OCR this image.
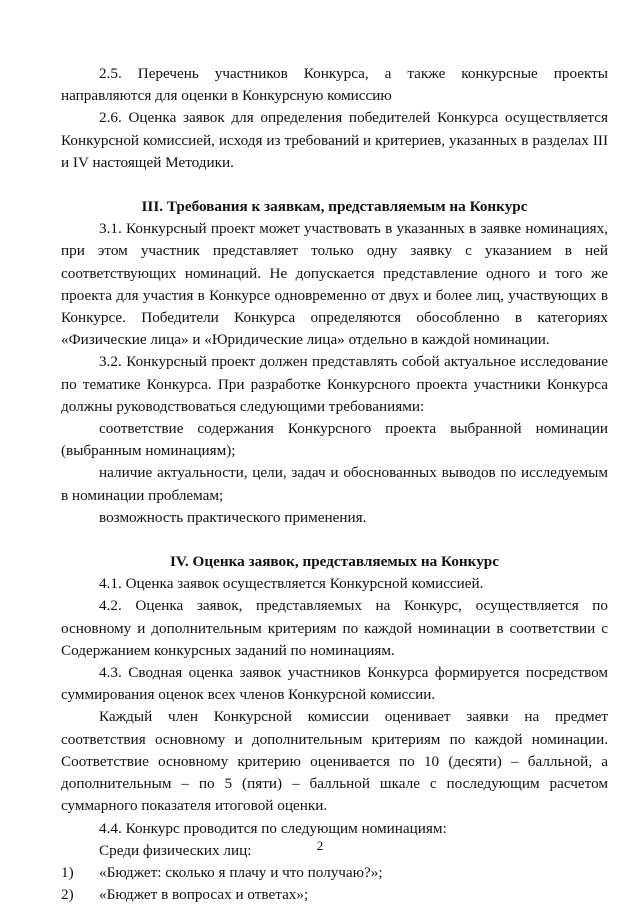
2.5. Перечень участников Конкурса, а также конкурсные проекты направляются для оценки в Конкурсную комиссию

2.6. Оценка заявок для определения победителей Конкурса осуществляется Конкурсной комиссией, исходя из требований и критериев, указанных в разделах III и IV настоящей Методики.

III. Требования к заявкам, представляемым на Конкурс

3.1. Конкурсный проект может участвовать в указанных в заявке номинациях, при этом участник представляет только одну заявку с указанием в ней соответствующих номинаций. Не допускается представление одного и того же проекта для участия в Конкурсе одновременно от двух и более лиц, участвующих в Конкурсе. Победители Конкурса определяются обособленно в категориях «Физические лица» и «Юридические лица» отдельно в каждой номинации.

3.2. Конкурсный проект должен представлять собой актуальное исследование по тематике Конкурса. При разработке Конкурсного проекта участники Конкурса должны руководствоваться следующими требованиями:

соответствие содержания Конкурсного проекта выбранной номинации (выбранным номинациям);

наличие актуальности, цели, задач и обоснованных выводов по исследуемым в номинации проблемам;

возможность практического применения.

IV. Оценка заявок, представляемых на Конкурс

4.1. Оценка заявок осуществляется Конкурсной комиссией.

4.2. Оценка заявок, представляемых на Конкурс, осуществляется по основному и дополнительным критериям по каждой номинации в соответствии с Содержанием конкурсных заданий по номинациям.

4.3. Сводная оценка заявок участников Конкурса формируется посредством суммирования оценок всех членов Конкурсной комиссии.

Каждый член Конкурсной комиссии оценивает заявки на предмет соответствия основному и дополнительным критериям по каждой номинации. Соответствие основному критерию оценивается по 10 (десяти) – балльной, а дополнительным – по 5 (пяти) – балльной шкале с последующим расчетом суммарного показателя итоговой оценки.

4.4. Конкурс проводится по следующим номинациям:

Среди физических лиц:

1) «Бюджет: сколько я плачу и что получаю?»;

2) «Бюджет в вопросах и ответах»;

2
